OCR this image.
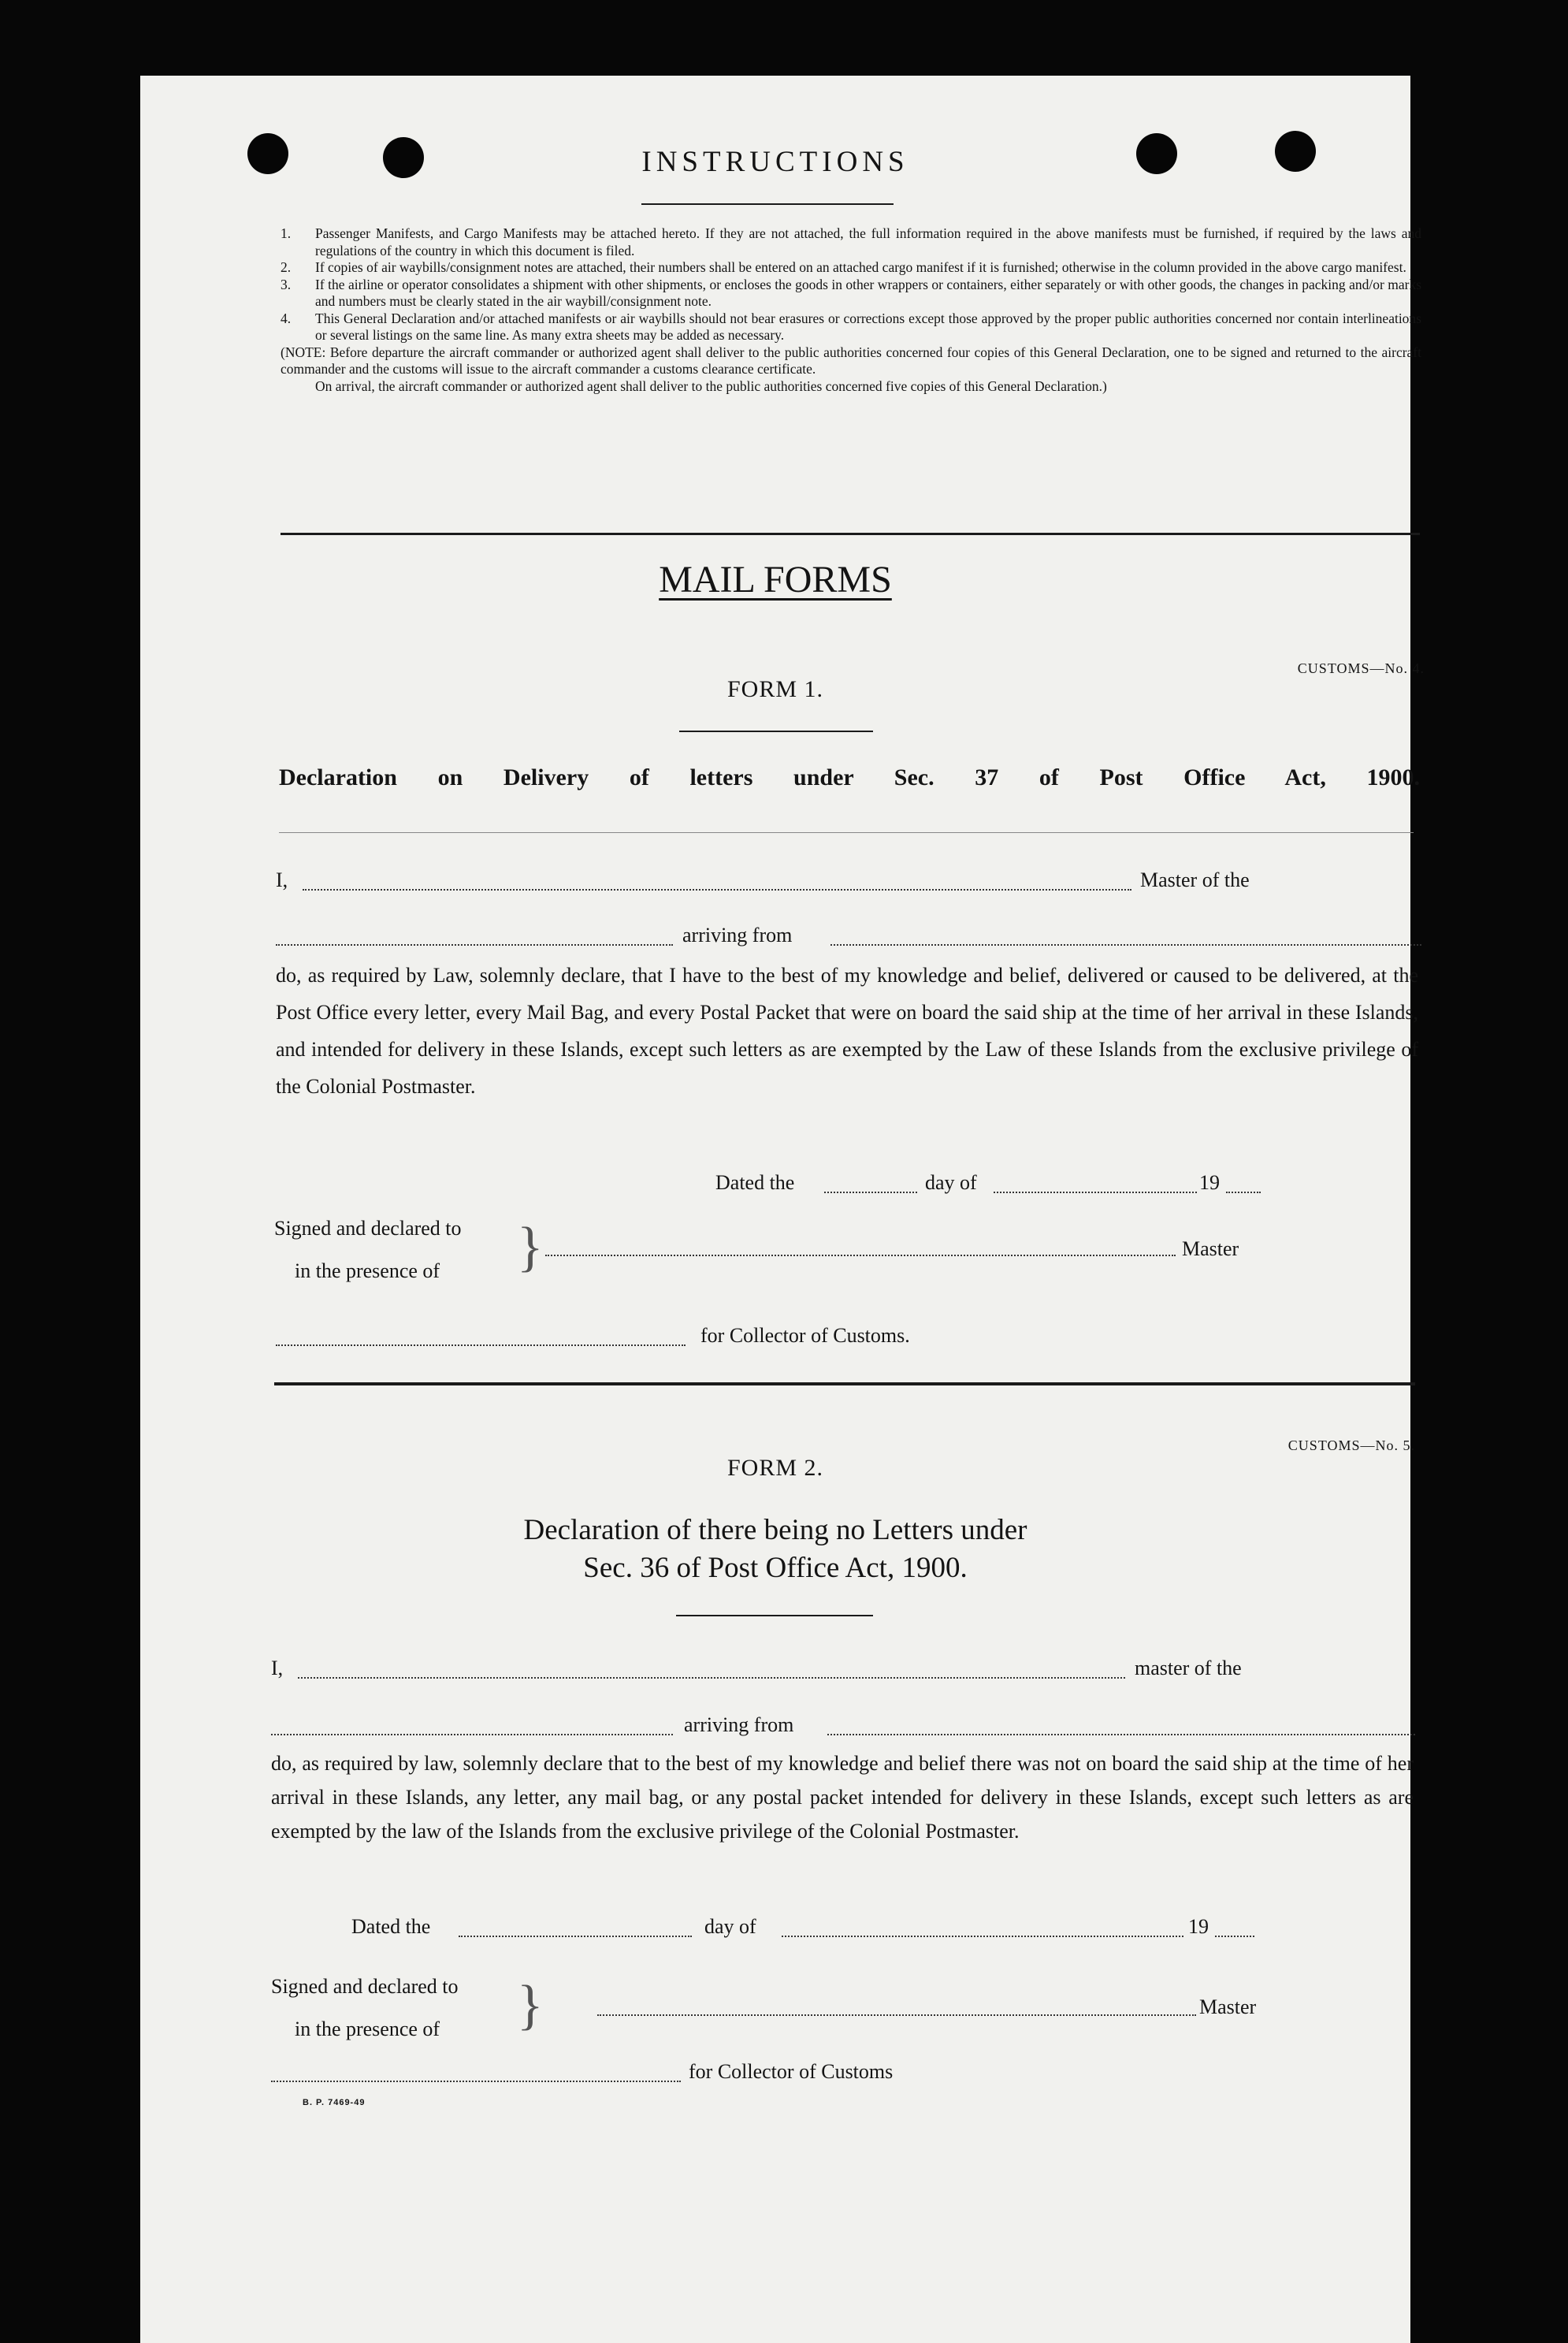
INSTRUCTIONS
1.	Passenger Manifests, and Cargo Manifests may be attached hereto. If they are not attached, the full information required in the above manifests must be furnished, if required by the laws and regulations of the country in which this document is filed.
2.	If copies of air waybills/consignment notes are attached, their numbers shall be entered on an attached cargo manifest if it is furnished; otherwise in the column provided in the above cargo manifest.
3.	If the airline or operator consolidates a shipment with other shipments, or encloses the goods in other wrappers or containers, either separately or with other goods, the changes in packing and/or marks and numbers must be clearly stated in the air waybill/consignment note.
4.	This General Declaration and/or attached manifests or air waybills should not bear erasures or corrections except those approved by the proper public authorities concerned nor contain interlineations or several listings on the same line. As many extra sheets may be added as necessary.
(NOTE: Before departure the aircraft commander or authorized agent shall deliver to the public authorities concerned four copies of this General Declaration, one to be signed and returned to the aircraft commander and the customs will issue to the aircraft commander a customs clearance certificate.
On arrival, the aircraft commander or authorized agent shall deliver to the public authorities concerned five copies of this General Declaration.)
MAIL FORMS
CUSTOMS—No. 4.
FORM 1.
Declaration on Delivery of letters under Sec. 37 of Post Office Act, 1900.
I,	Master of the
arriving from
do, as required by Law, solemnly declare, that I have to the best of my knowledge and belief, delivered or caused to be delivered, at the Post Office every letter, every Mail Bag, and every Postal Packet that were on board the said ship at the time of her arrival in these Islands, and intended for delivery in these Islands, except such letters as are exempted by the Law of these Islands from the exclusive privilege of the Colonial Postmaster.
Dated the	day of	19
Signed and declared to
in the presence of }	Master
for Collector of Customs.
CUSTOMS—No. 5.
FORM 2.
Declaration of there being no Letters under
Sec. 36 of Post Office Act, 1900.
I,	master of the
arriving from
do, as required by law, solemnly declare that to the best of my knowledge and belief there was not on board the said ship at the time of her arrival in these Islands, any letter, any mail bag, or any postal packet intended for delivery in these Islands, except such letters as are exempted by the law of the Islands from the exclusive privilege of the Colonial Postmaster.
Dated the	day of	19
Signed and declared to
in the presence of }	Master
for Collector of Customs
B. P. 7469-49
